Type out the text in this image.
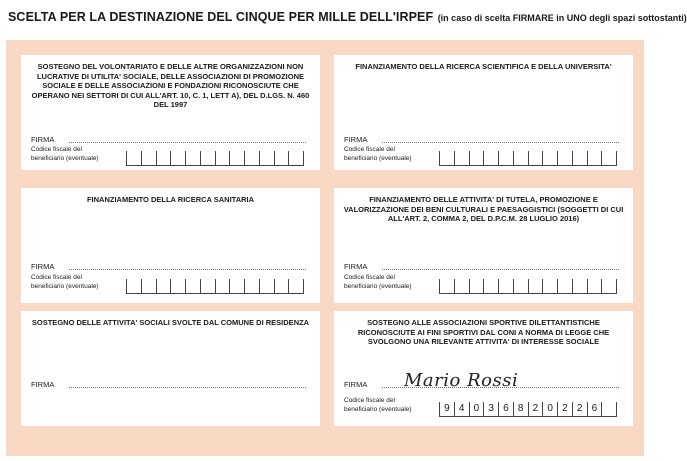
SCELTA PER LA DESTINAZIONE DEL CINQUE PER MILLE DELL'IRPEF (in caso di scelta FIRMARE in UNO degli spazi sottostanti)
SOSTEGNO DEL VOLONTARIATO E DELLE ALTRE ORGANIZZAZIONI NON LUCRATIVE DI UTILITA' SOCIALE, DELLE ASSOCIAZIONI DI PROMOZIONE SOCIALE E DELLE ASSOCIAZIONI E FONDAZIONI RICONOSCIUTE CHE OPERANO NEI SETTORI DI CUI ALL'ART. 10, C. 1, LETT A), DEL D.LGS. N. 460 DEL 1997
FIRMA
Codice fiscale del
beneficiario (eventuale)
FINANZIAMENTO DELLA RICERCA SCIENTIFICA E DELLA UNIVERSITA'
FIRMA
Codice fiscale del
beneficiario (eventuale)
FINANZIAMENTO DELLA RICERCA SANITARIA
FIRMA
Codice fiscale del
beneficiario (eventuale)
FINANZIAMENTO DELLE ATTIVITA' DI TUTELA, PROMOZIONE E VALORIZZAZIONE DEI BENI CULTURALI E PAESAGGISTICI (SOGGETTI DI CUI ALL'ART. 2, COMMA 2, DEL D.P.C.M. 28 LUGLIO 2016)
FIRMA
Codice fiscale del
beneficiario (eventuale)
SOSTEGNO DELLE ATTIVITA' SOCIALI SVOLTE DAL COMUNE DI RESIDENZA
FIRMA
SOSTEGNO ALLE ASSOCIAZIONI SPORTIVE DILETTANTISTICHE RICONOSCIUTE AI FINI SPORTIVI DAL CONI A NORMA DI LEGGE CHE SVOLGONO UNA RILEVANTE ATTIVITA' DI INTERESSE SOCIALE
FIRMA Mario Rossi
Codice fiscale del
beneficiario (eventuale)	9 4 0 3 6 8 2 0 2 2 6
